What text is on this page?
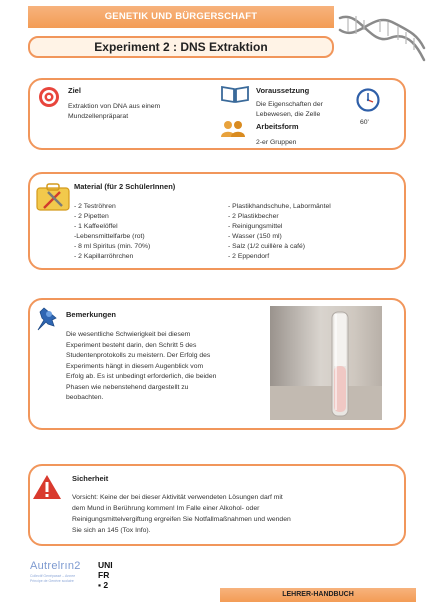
GENETIK UND BÜRGERSCHAFT
Experiment 2 : DNS Extraktion
Ziel
Extraktion von DNA aus einem
Mundzellenpräparat
Voraussetzung
Die Eigenschaften der
Lebewesen, die Zelle
60'
Arbeitsform
2-er Gruppen
Material (für 2 SchülerInnen)
- 2 Teströhren
- 2 Pipetten
- 1 Kaffeelöffel
-Lebensmittelfarbe (rot)
- 8 ml Spiritus (min. 70%)
- 2 Kapillarröhrchen
- Plastikhandschuhe, Labormäntel
- 2 Plastikbecher
- Reinigungsmittel
- Wasser (150 ml)
- Salz (1/2 cuillère à café)
- 2 Eppendorf
Bemerkungen
Die wesentliche Schwierigkeit bei diesem
Experiment besteht darin, den Schritt 5 des
Studentenprotokolls zu meistern. Der Erfolg des
Experiments hängt in diesem Augenblick vom
Erfolg ab. Es ist unbedingt erforderlich, die beiden
Phasen wie nebenstehend dargestellt zu
beobachten.
Sicherheit
Vorsicht: Keine der bei dieser Aktivität verwendeten Lösungen darf mit
dem Mund in Berührung kommen! Im Falle einer Alkohol- oder
Reinigungsmittelvergiftung ergreifen Sie Notfallmaßnahmen und wenden
Sie sich an 145 (Tox Info).
Autrelrın2
Collectif Genépassé – Annee
Principe de Genève scolaire
UNI
FR
▪ 2
LEHRER-HANDBUCH
